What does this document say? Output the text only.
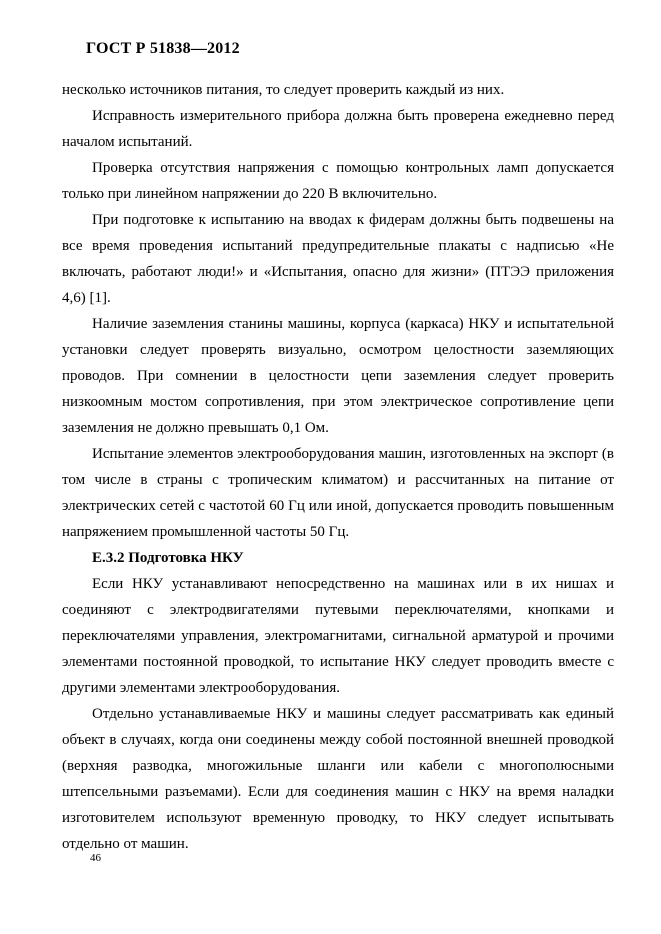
ГОСТ Р 51838—2012

несколько источников питания, то следует проверить каждый из них.

Исправность измерительного прибора должна быть проверена ежедневно перед началом испытаний.

Проверка отсутствия напряжения с помощью контрольных ламп допускается только при линейном напряжении до 220 В включительно.

При подготовке к испытанию на вводах к фидерам должны быть подвешены на все время проведения испытаний предупредительные плакаты с надписью «Не включать, работают люди!» и «Испытания, опасно для жизни» (ПТЭЭ приложения 4,6) [1].

Наличие заземления станины машины, корпуса (каркаса) НКУ и испытательной установки следует проверять визуально, осмотром целостности заземляющих проводов. При сомнении в целостности цепи заземления следует проверить низкоомным мостом сопротивления, при этом электрическое сопротивление цепи заземления не должно превышать 0,1 Ом.

Испытание элементов электрооборудования машин, изготовленных на экспорт (в том числе в страны с тропическим климатом) и рассчитанных на питание от электрических сетей с частотой 60 Гц или иной, допускается проводить повышенным напряжением промышленной частоты 50 Гц.

Е.3.2 Подготовка НКУ

Если НКУ устанавливают непосредственно на машинах или в их нишах и соединяют с электродвигателями путевыми переключателями, кнопками и переключателями управления, электромагнитами, сигнальной арматурой и прочими элементами постоянной проводкой, то испытание НКУ следует проводить вместе с другими элементами электрооборудования.

Отдельно устанавливаемые НКУ и машины следует рассматривать как единый объект в случаях, когда они соединены между собой постоянной внешней проводкой (верхняя разводка, многожильные шланги или кабели с многополюсными штепсельными разъемами). Если для соединения машин с НКУ на время наладки изготовителем используют временную проводку, то НКУ следует испытывать отдельно от машин.

46
